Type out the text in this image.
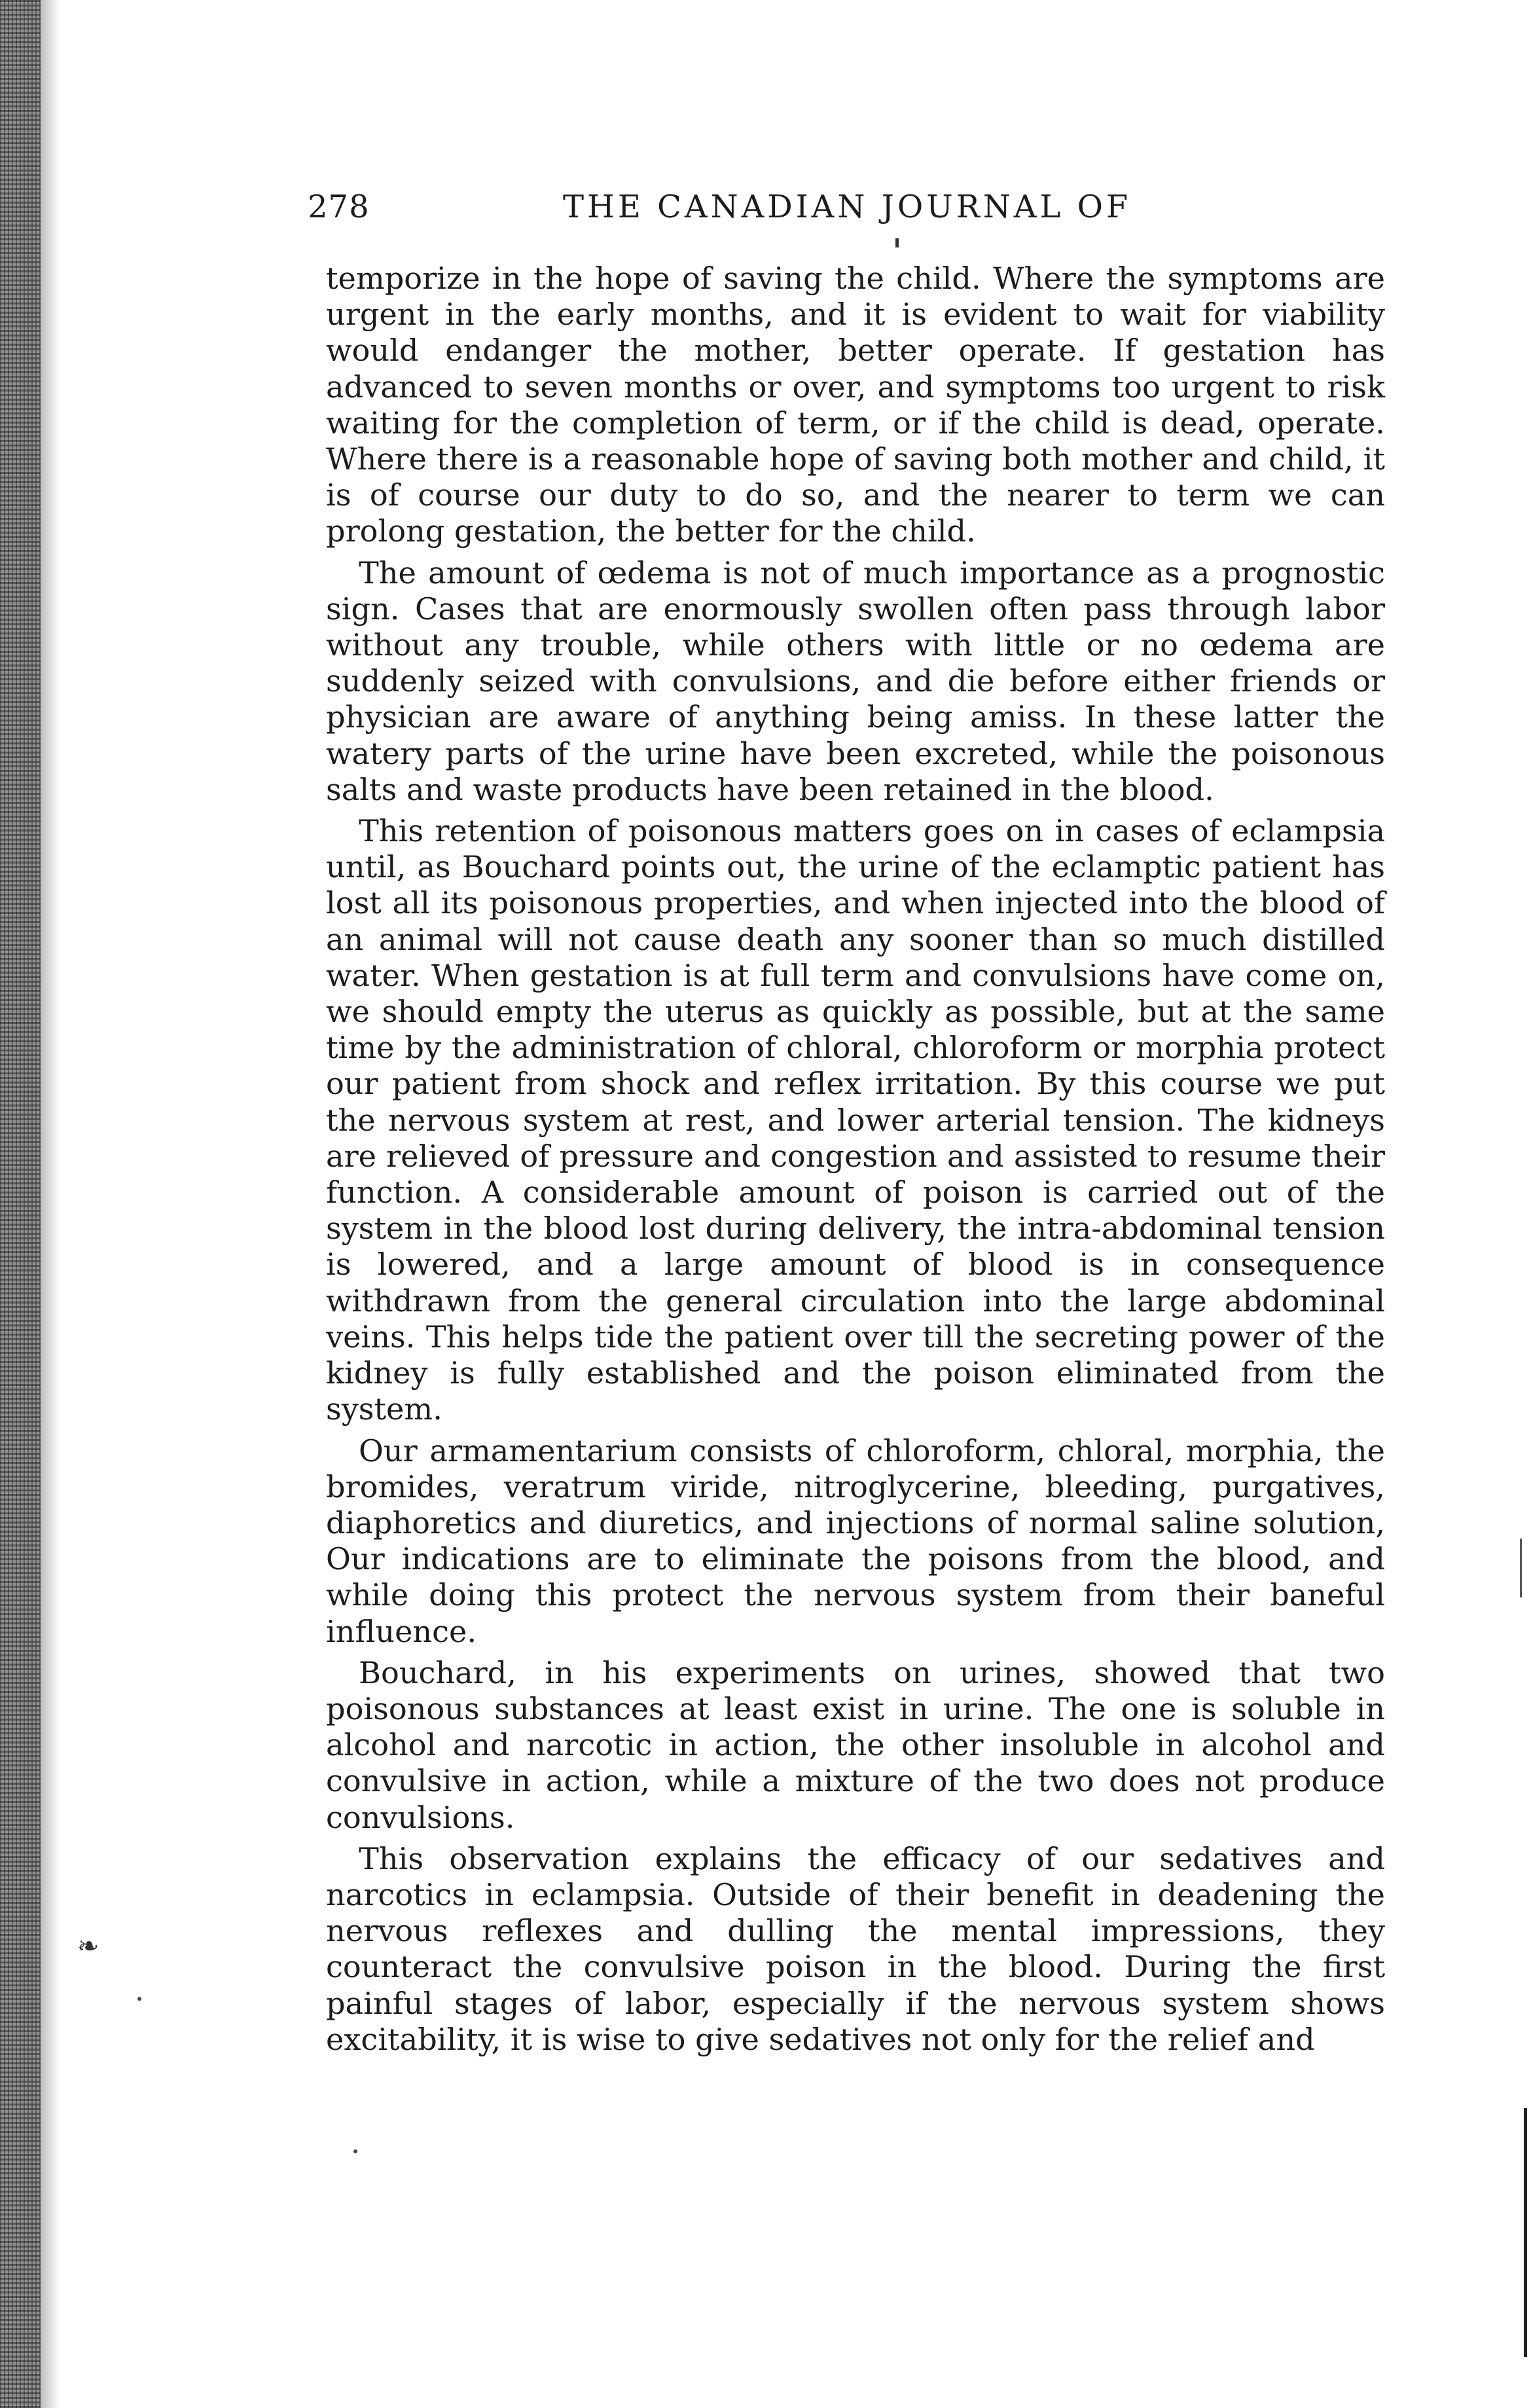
278	THE CANADIAN JOURNAL OF

temporize in the hope of saving the child. Where the symptoms are urgent in the early months, and it is evident to wait for viability would endanger the mother, better operate. If gestation has advanced to seven months or over, and symptoms too urgent to risk waiting for the completion of term, or if the child is dead, operate. Where there is a reasonable hope of saving both mother and child, it is of course our duty to do so, and the nearer to term we can prolong gestation, the better for the child.

The amount of œdema is not of much importance as a prognostic sign. Cases that are enormously swollen often pass through labor without any trouble, while others with little or no œdema are suddenly seized with convulsions, and die before either friends or physician are aware of anything being amiss. In these latter the watery parts of the urine have been excreted, while the poisonous salts and waste products have been retained in the blood.

This retention of poisonous matters goes on in cases of eclampsia until, as Bouchard points out, the urine of the eclamptic patient has lost all its poisonous properties, and when injected into the blood of an animal will not cause death any sooner than so much distilled water. When gestation is at full term and convulsions have come on, we should empty the uterus as quickly as possible, but at the same time by the administration of chloral, chloroform or morphia protect our patient from shock and reflex irritation. By this course we put the nervous system at rest, and lower arterial tension. The kidneys are relieved of pressure and congestion and assisted to resume their function. A considerable amount of poison is carried out of the system in the blood lost during delivery, the intra-abdominal tension is lowered, and a large amount of blood is in consequence withdrawn from the general circulation into the large abdominal veins. This helps tide the patient over till the secreting power of the kidney is fully established and the poison eliminated from the system.

Our armamentarium consists of chloroform, chloral, morphia, the bromides, veratrum viride, nitroglycerine, bleeding, purgatives, diaphoretics and diuretics, and injections of normal saline solution, Our indications are to eliminate the poisons from the blood, and while doing this protect the nervous system from their baneful influence.

Bouchard, in his experiments on urines, showed that two poisonous substances at least exist in urine. The one is soluble in alcohol and narcotic in action, the other insoluble in alcohol and convulsive in action, while a mixture of the two does not produce convulsions.

This observation explains the efficacy of our sedatives and narcotics in eclampsia. Outside of their benefit in deadening the nervous reflexes and dulling the mental impressions, they counteract the convulsive poison in the blood. During the first painful stages of labor, especially if the nervous system shows excitability, it is wise to give sedatives not only for the relief and

❧
